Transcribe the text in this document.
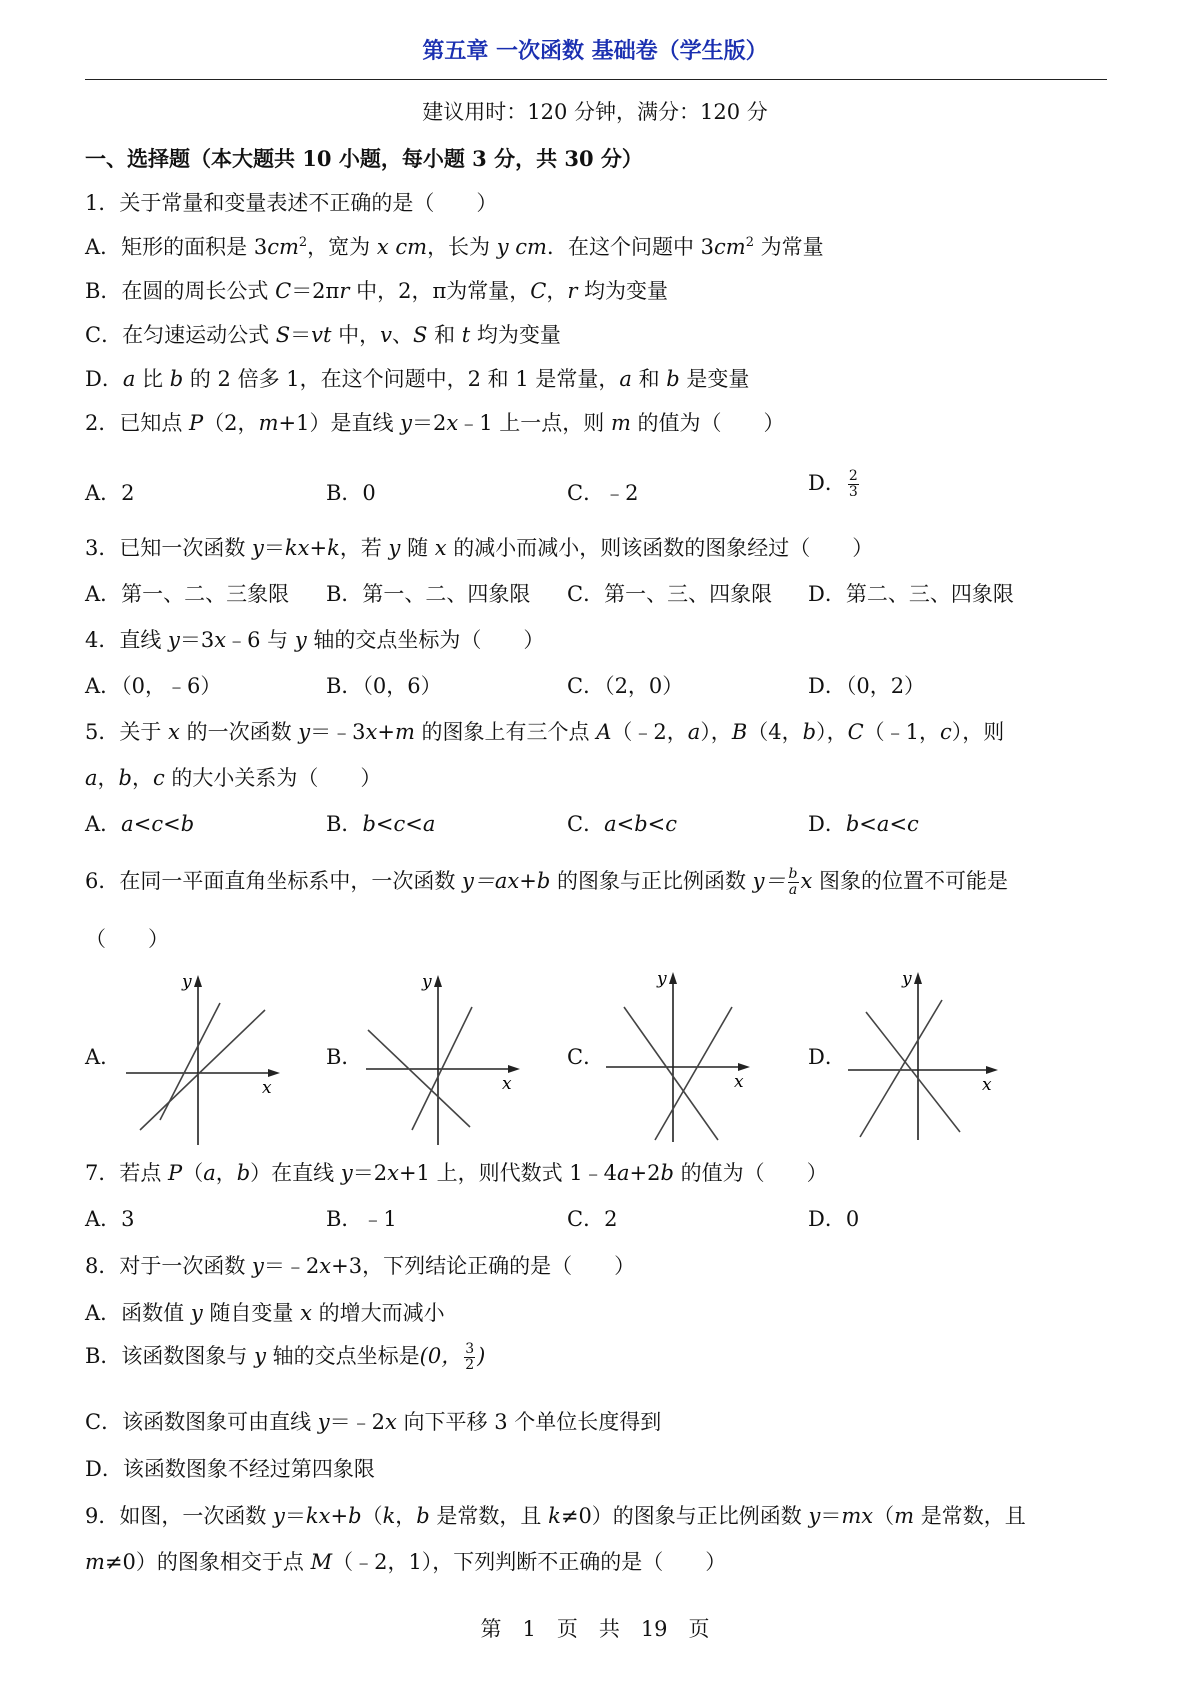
第五章 一次函数 基础卷（学生版）
建议用时：120 分钟，满分：120 分
一、选择题（本大题共 10 小题，每小题 3 分，共 30 分）
1．关于常量和变量表述不正确的是（　　）
A．矩形的面积是 $3cm^2$，宽为 x cm，长为 y cm．在这个问题中 $3cm^2$ 为常量
B．在圆的周长公式 C＝2πr 中，2，π为常量，C，r 均为变量
C．在匀速运动公式 S＝vt 中，v、S 和 t 均为变量
D．a 比 b 的 2 倍多 1，在这个问题中，2 和 1 是常量，a 和 b 是变量
2．已知点 P（2，m+1）是直线 y＝2x﹣1 上一点，则 m 的值为（　　）
A．2	B．0	C．﹣2	D． $\frac{2}{3}$
3．已知一次函数 y＝kx+k，若 y 随 x 的减小而减小，则该函数的图象经过（　　）
A．第一、二、三象限 B．第一、二、四象限 C．第一、三、四象限 D．第二、三、四象限
4．直线 y＝3x﹣6 与 y 轴的交点坐标为（　　）
A．（0，﹣6）	B．（0，6）	C．（2，0）	D．（0，2）
5．关于 x 的一次函数 y＝﹣3x+m 的图象上有三个点 A（﹣2，a），B（4，b），C（﹣1，c），则
a，b，c 的大小关系为（　　）
A．a<c<b	B．b<c<a	C．a<b<c	D．b<a<c
6．在同一平面直角坐标系中，一次函数 y＝ax+b 的图象与正比例函数 $y= \frac{b}{a}$ x 图象的位置不可能是
（　　）
A．	B．	C．	D．
y
x
y
x
y
x
y
x
7．若点 P（a，b）在直线 y＝2x+1 上，则代数式 1﹣4a+2b 的值为（　　）
A．3	B．﹣1	C．2	D．0
8．对于一次函数 y＝﹣2x+3，下列结论正确的是（　　）
A．函数值 y 随自变量 x 的增大而减小
B．该函数图象与 y 轴的交点坐标是(0， $\frac{3}{2}$ )
C．该函数图象可由直线 y＝﹣2x 向下平移 3 个单位长度得到
D．该函数图象不经过第四象限
9．如图，一次函数 y＝kx+b（k，b 是常数，且 k≠0）的图象与正比例函数 y＝mx（m 是常数，且
m≠0）的图象相交于点 M（﹣2，1），下列判断不正确的是（　　）
第　1　页　共　19　页
